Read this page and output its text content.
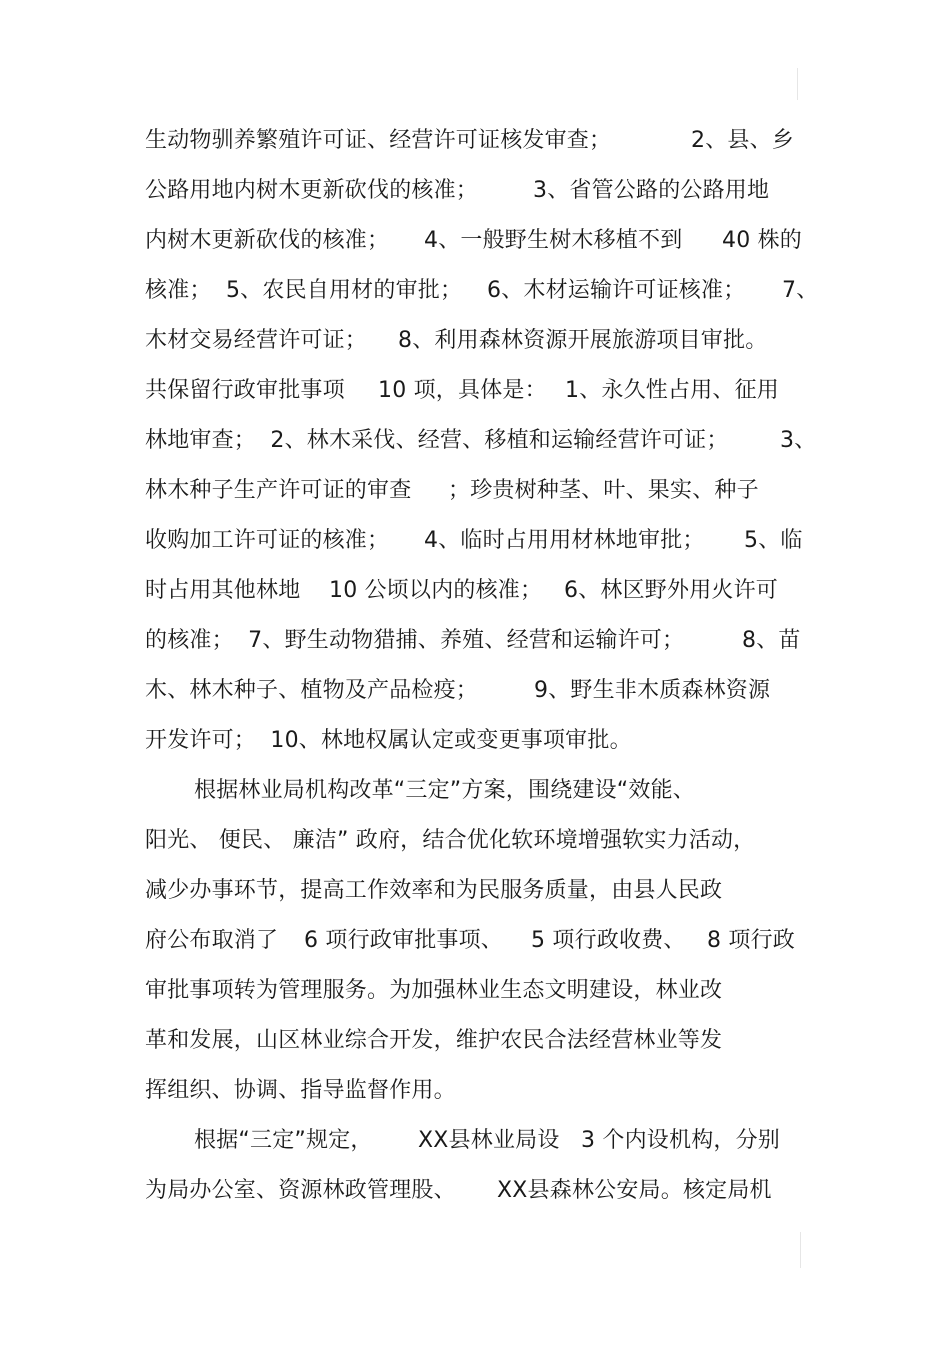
生动物驯养繁殖许可证、经营许可证核发审查；

	2、县、乡

公路用地内树木更新砍伐的核准；

3、省管公路的公路用地

内树木更新砍伐的核准；

4、一般野生树木移植不到

40 株的

核准；  5、农民自用材的审批；

6、木材运输许可证核准；

7、

木材交易经营许可证；

8、利用森林资源开展旅游项目审批。

共保留行政审批事项

10 项，具体是：

1、永久性占用、征用

林地审查；  2、林木采伐、经营、移植和运输经营许可证；

3、

林木种子生产许可证的审查

；珍贵树种茎、叶、果实、种子

收购加工许可证的核准；

4、临时占用用材林地审批；

5、临

时占用其他林地

10 公顷以内的核准；

6、林区野外用火许可

的核准；  7、野生动物猎捕、养殖、经营和运输许可；

	8、苗

木、林木种子、植物及产品检疫；

	9、野生非木质森林资源

开发许可；  10、林地权属认定或变更事项审批。

根据林业局机构改革“三定”方案，围绕建设“效能、

阳光、 便民、 廉洁” 政府，结合优化软环境增强软实力活动，

减少办事环节，提高工作效率和为民服务质量，由县人民政

府公布取消了

6 项行政审批事项、

5 项行政收费、

8 项行政

审批事项转为管理服务。为加强林业生态文明建设，林业改

革和发展，山区林业综合开发，维护农民合法经营林业等发

挥组织、协调、指导监督作用。

根据“三定”规定，

XX县林业局设

3 个内设机构，分别

为局办公室、资源林政管理股、

XX县森林公安局。核定局机
